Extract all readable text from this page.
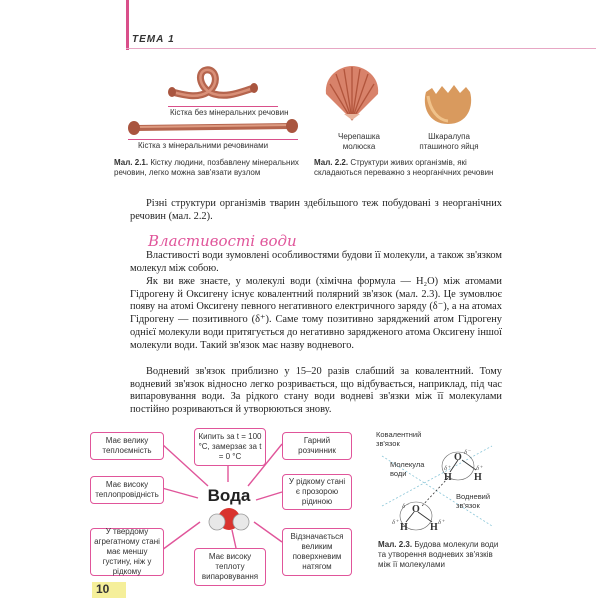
ТЕМА 1
Кістка без мінеральних речовин
Кістка з мінеральними речовинами
Мал. 2.1. Кістку людини, позбавлену мінеральних речовин, легко можна зав'язати вузлом
Черепашка молюска
Шкаралупа пташиного яйця
Мал. 2.2. Структури живих організмів, які складаються переважно з неорганічних речовин
Різні структури організмів тварин здебільшого теж побудовані з неорганічних речовин (мал. 2.2).
Властивості води
Властивості води зумовлені особливостями будови її молекули, а також зв'язком молекул між собою.
Як ви вже знаєте, у молекулі води (хімічна формула — H₂O) між атомами Гідрогену й Оксигену існує ковалентний полярний зв'язок (мал. 2.3). Це зумовлює появу на атомі Оксигену певного негативного електричного заряду (δ⁻), а на атомах Гідрогену — позитивного (δ⁺). Саме тому позитивно заряджений атом Гідрогену однієї молекули води притягується до негативно зарядженого атома Оксигену іншої молекули води. Такий зв'язок має назву водневого.
Водневий зв'язок приблизно у 15–20 разів слабший за ковалентний. Тому водневий зв'язок відносно легко розривається, що відбувається, наприклад, під час випаровування води. За рідкого стану води водневі зв'язки між її молекулами постійно розриваються й утворюються знову.
Має велику теплоємність
Має високу теплопровідність
У твердому агрегатному стані має меншу густину, ніж у рідкому
Кипить за t = 100 °С, замерзає за t = 0 °С
Має високу теплоту випаровування
Гарний розчинник
У рідкому стані є прозорою рідиною
Відзначається великим поверхневим натягом
Вода
Ковалентний зв'язок
Молекула води
Водневий зв'язок
O δ⁻
H
δ⁺
H
δ⁺
O
δ⁻
H
δ⁺	H δ⁺
Мал. 2.3. Будова молекули води та утворення водневих зв'язків між її молекулами
10
